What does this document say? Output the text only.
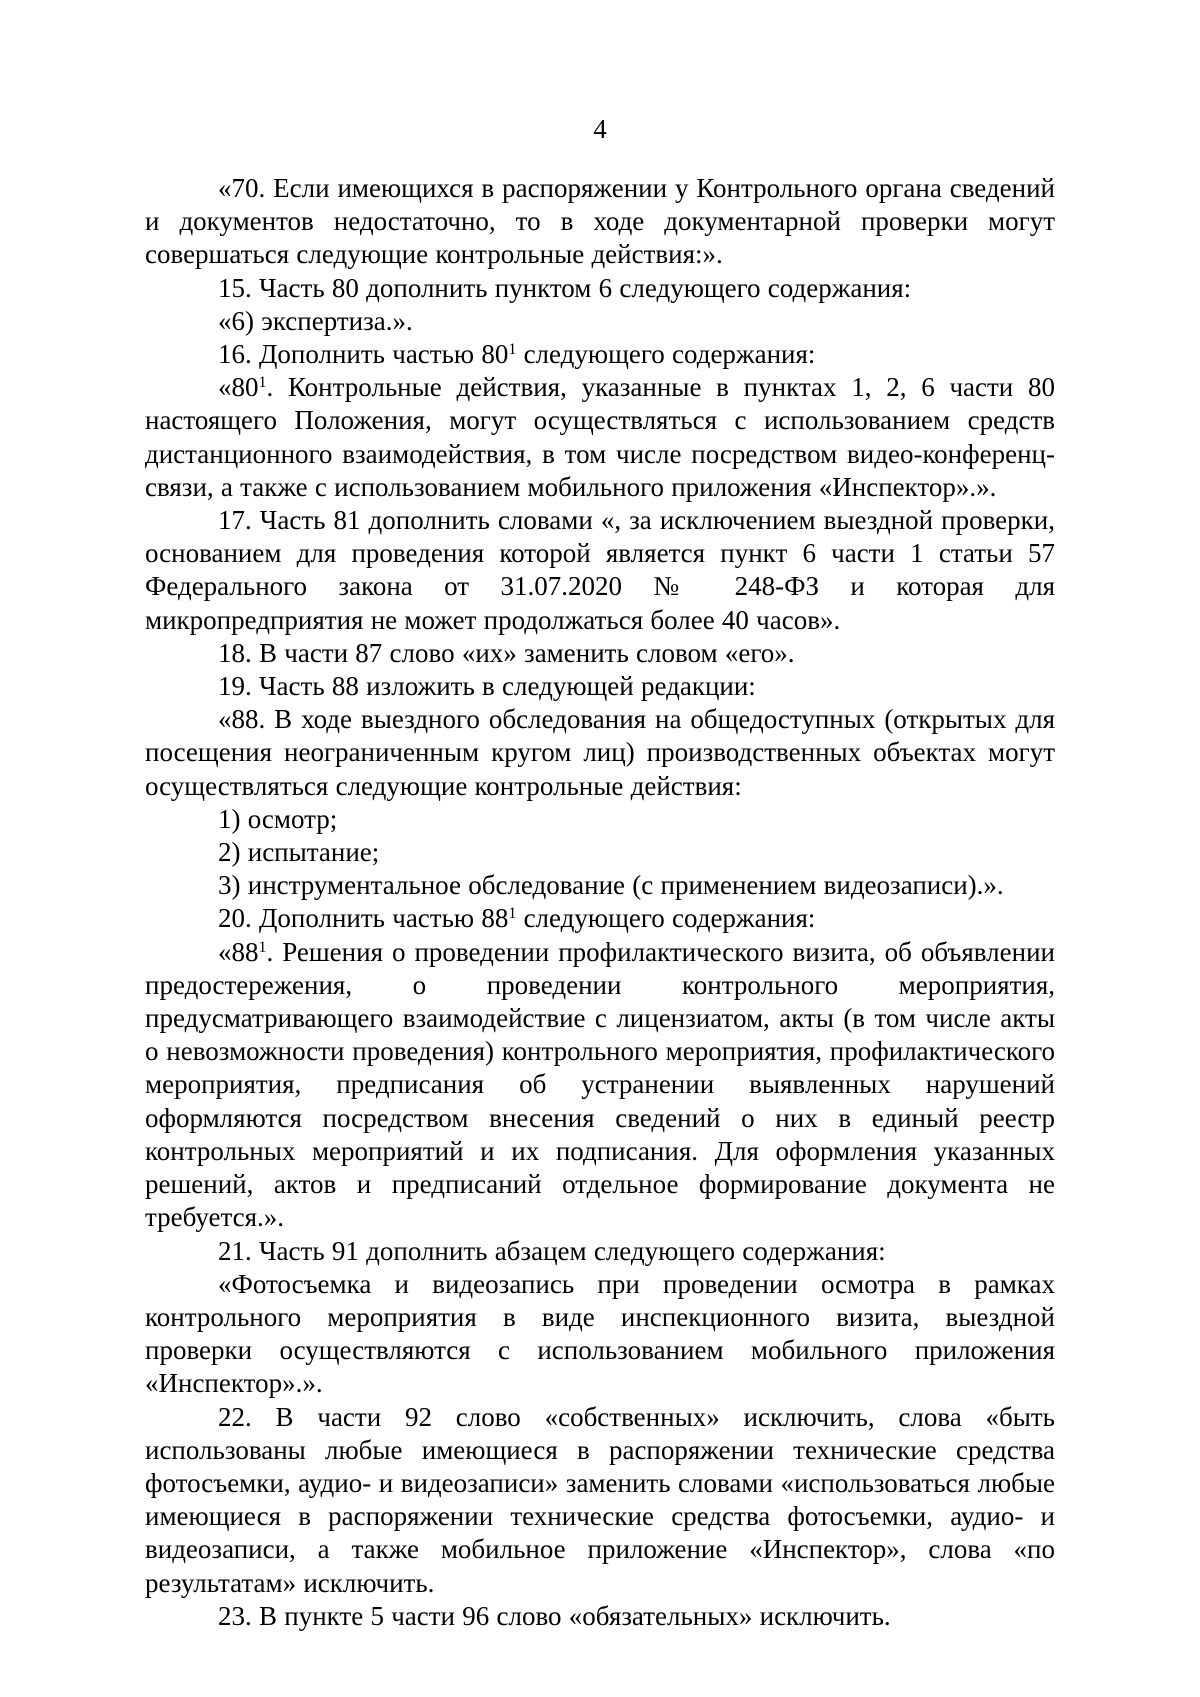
4

«70. Если имеющихся в распоряжении у Контрольного органа сведений и документов недостаточно, то в ходе документарной проверки могут совершаться следующие контрольные действия:».

15. Часть 80 дополнить пунктом 6 следующего содержания:

«6) экспертиза.».

16. Дополнить частью $80^1$ следующего содержания:

«$80^1$. Контрольные действия, указанные в пунктах 1, 2, 6 части 80 настоящего Положения, могут осуществляться с использованием средств дистанционного взаимодействия, в том числе посредством видео-конференц-связи, а также с использованием мобильного приложения «Инспектор».».

17. Часть 81 дополнить словами «, за исключением выездной проверки, основанием для проведения которой является пункт 6 части 1 статьи 57 Федерального закона от 31.07.2020 № 248-ФЗ и которая для микропредприятия не может продолжаться более 40 часов».

18. В части 87 слово «их» заменить словом «его».

19. Часть 88 изложить в следующей редакции:

«88. В ходе выездного обследования на общедоступных (открытых для посещения неограниченным кругом лиц) производственных объектах могут осуществляться следующие контрольные действия:

1) осмотр;

2) испытание;

3) инструментальное обследование (с применением видеозаписи).».

20. Дополнить частью $88^1$ следующего содержания:

«$88^1$. Решения о проведении профилактического визита, об объявлении предостережения, о проведении контрольного мероприятия, предусматривающего взаимодействие с лицензиатом, акты (в том числе акты о невозможности проведения) контрольного мероприятия, профилактического мероприятия, предписания об устранении выявленных нарушений оформляются посредством внесения сведений о них в единый реестр контрольных мероприятий и их подписания. Для оформления указанных решений, актов и предписаний отдельное формирование документа не требуется.».

21. Часть 91 дополнить абзацем следующего содержания:

«Фотосъемка и видеозапись при проведении осмотра в рамках контрольного мероприятия в виде инспекционного визита, выездной проверки осуществляются с использованием мобильного приложения «Инспектор».».

22. В части 92 слово «собственных» исключить, слова «быть использованы любые имеющиеся в распоряжении технические средства фотосъемки, аудио- и видеозаписи» заменить словами «использоваться любые имеющиеся в распоряжении технические средства фотосъемки, аудио- и видеозаписи, а также мобильное приложение «Инспектор», слова «по результатам» исключить.

23. В пункте 5 части 96 слово «обязательных» исключить.
